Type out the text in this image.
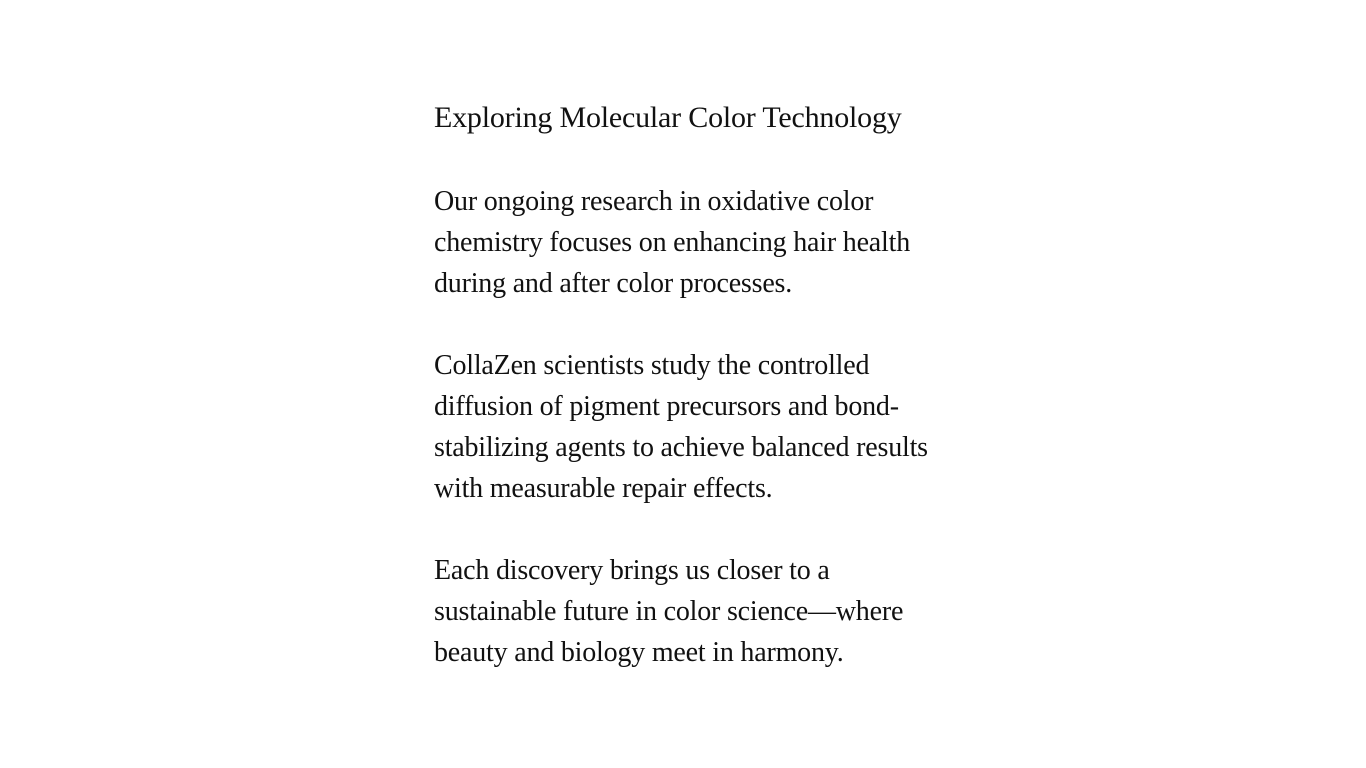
Exploring Molecular Color Technology

Our ongoing research in oxidative color
chemistry focuses on enhancing hair health
during and after color processes.

CollaZen scientists study the controlled
diffusion of pigment precursors and bond-
stabilizing agents to achieve balanced results
with measurable repair effects.

Each discovery brings us closer to a
sustainable future in color science—where
beauty and biology meet in harmony.
